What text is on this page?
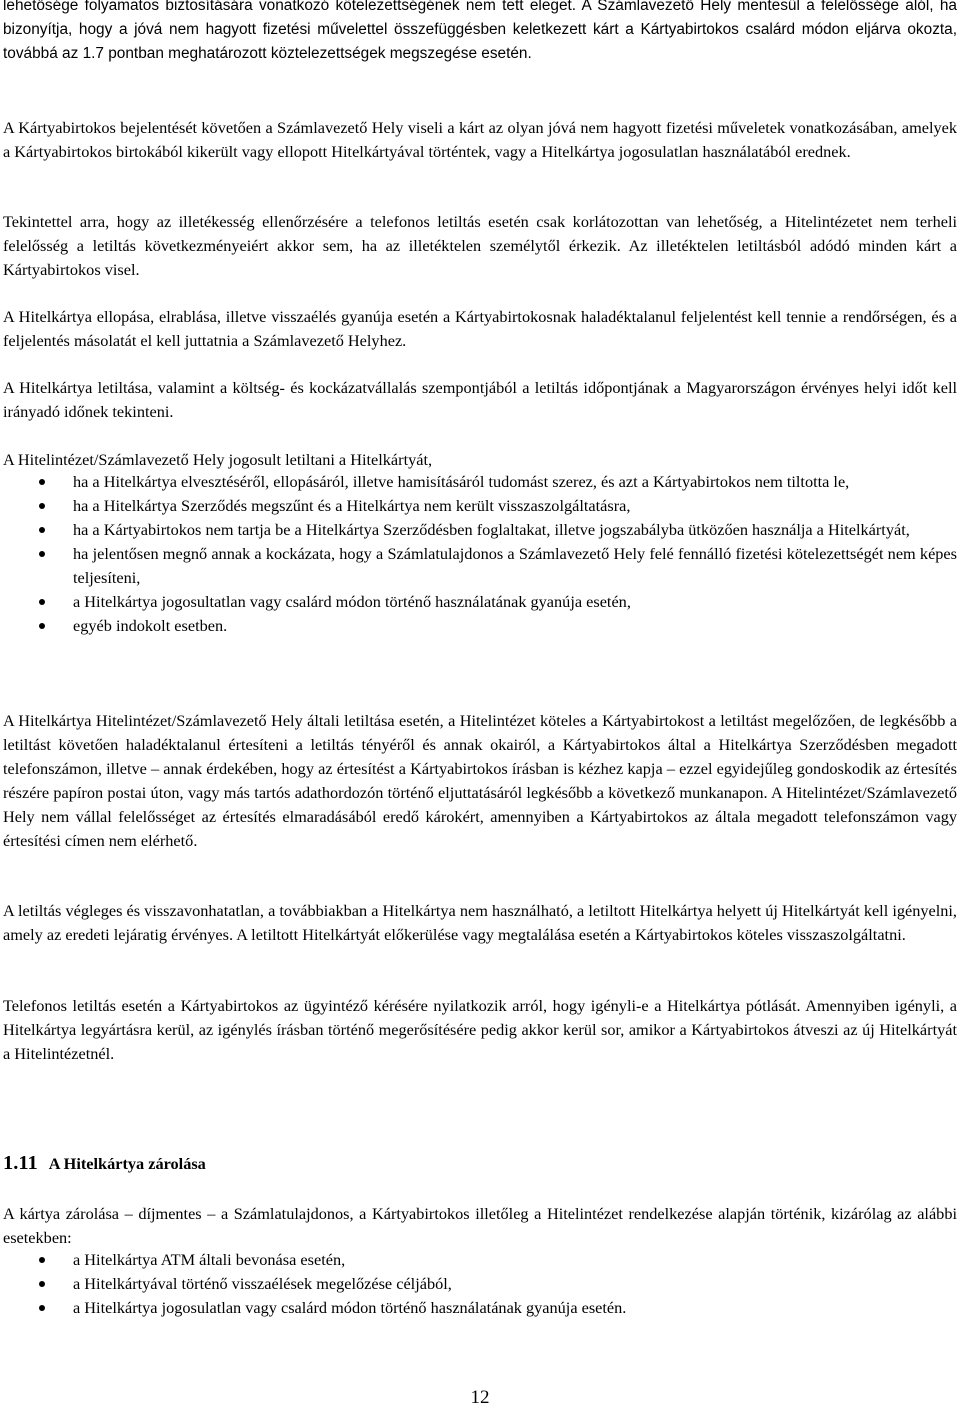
lehetősége folyamatos biztosítására vonatkozó kötelezettségének nem tett eleget. A Számlavezető Hely mentesül a felelőssége alól, ha bizonyítja, hogy a jóvá nem hagyott fizetési művelettel összefüggésben keletkezett kárt a Kártyabirtokos csalárd módon eljárva okozta, továbbá az 1.7 pontban meghatározott köztelezettségek megszegése esetén.

A Kártyabirtokos bejelentését követően a Számlavezető Hely viseli a kárt az olyan jóvá nem hagyott fizetési műveletek vonatkozásában, amelyek a Kártyabirtokos birtokából kikerült vagy ellopott Hitelkártyával történtek, vagy a Hitelkártya jogosulatlan használatából erednek.

Tekintettel arra, hogy az illetékesség ellenőrzésére a telefonos letiltás esetén csak korlátozottan van lehetőség, a Hitelintézetet nem terheli felelősség a letiltás következményeiért akkor sem, ha az illetéktelen személytől érkezik. Az illetéktelen letiltásból adódó minden kárt a Kártyabirtokos visel.

A Hitelkártya ellopása, elrablása, illetve visszaélés gyanúja esetén a Kártyabirtokosnak haladéktalanul feljelentést kell tennie a rendőrségen, és a feljelentés másolatát el kell juttatnia a Számlavezető Helyhez.

A Hitelkártya letiltása, valamint a költség- és kockázatvállalás szempontjából a letiltás időpontjának a Magyarországon érvényes helyi időt kell irányadó időnek tekinteni.

A Hitelintézet/Számlavezető Hely jogosult letiltani a Hitelkártyát,

ha a Hitelkártya elvesztéséről, ellopásáról, illetve hamisításáról tudomást szerez, és azt a Kártyabirtokos nem tiltotta le,
ha a Hitelkártya Szerződés megszűnt és a Hitelkártya nem került visszaszolgáltatásra,
ha a Kártyabirtokos nem tartja be a Hitelkártya Szerződésben foglaltakat, illetve jogszabályba ütközően használja a Hitelkártyát,
ha jelentősen megnő annak a kockázata, hogy a Számlatulajdonos a Számlavezető Hely felé fennálló fizetési kötelezettségét nem képes teljesíteni,
a Hitelkártya jogosultatlan vagy csalárd módon történő használatának gyanúja esetén,
egyéb indokolt esetben.

A Hitelkártya Hitelintézet/Számlavezető Hely általi letiltása esetén, a Hitelintézet köteles a Kártyabirtokost a letiltást megelőzően, de legkésőbb a letiltást követően haladéktalanul értesíteni a letiltás tényéről és annak okairól, a Kártyabirtokos által a Hitelkártya Szerződésben megadott telefonszámon, illetve – annak érdekében, hogy az értesítést a Kártyabirtokos írásban is kézhez kapja – ezzel egyidejűleg gondoskodik az értesítés részére papíron postai úton, vagy más tartós adathordozón történő eljuttatásáról legkésőbb a következő munkanapon. A Hitelintézet/Számlavezető Hely nem vállal felelősséget az értesítés elmaradásából eredő károkért, amennyiben a Kártyabirtokos az általa megadott telefonszámon vagy értesítési címen nem elérhető.

A letiltás végleges és visszavonhatatlan, a továbbiakban a Hitelkártya nem használható, a letiltott Hitelkártya helyett új Hitelkártyát kell igényelni, amely az eredeti lejáratig érvényes. A letiltott Hitelkártyát előkerülése vagy megtalálása esetén a Kártyabirtokos köteles visszaszolgáltatni.

Telefonos letiltás esetén a Kártyabirtokos az ügyintéző kérésére nyilatkozik arról, hogy igényli-e a Hitelkártya pótlását. Amennyiben igényli, a Hitelkártya legyártásra kerül, az igénylés írásban történő megerősítésére pedig akkor kerül sor, amikor a Kártyabirtokos átveszi az új Hitelkártyát a Hitelintézetnél.

1.11 A Hitelkártya zárolása

A kártya zárolása – díjmentes – a Számlatulajdonos, a Kártyabirtokos illetőleg a Hitelintézet rendelkezése alapján történik, kizárólag az alábbi esetekben:

a Hitelkártya ATM általi bevonása esetén,
a Hitelkártyával történő visszaélések megelőzése céljából,
a Hitelkártya jogosulatlan vagy csalárd módon történő használatának gyanúja esetén.
12
